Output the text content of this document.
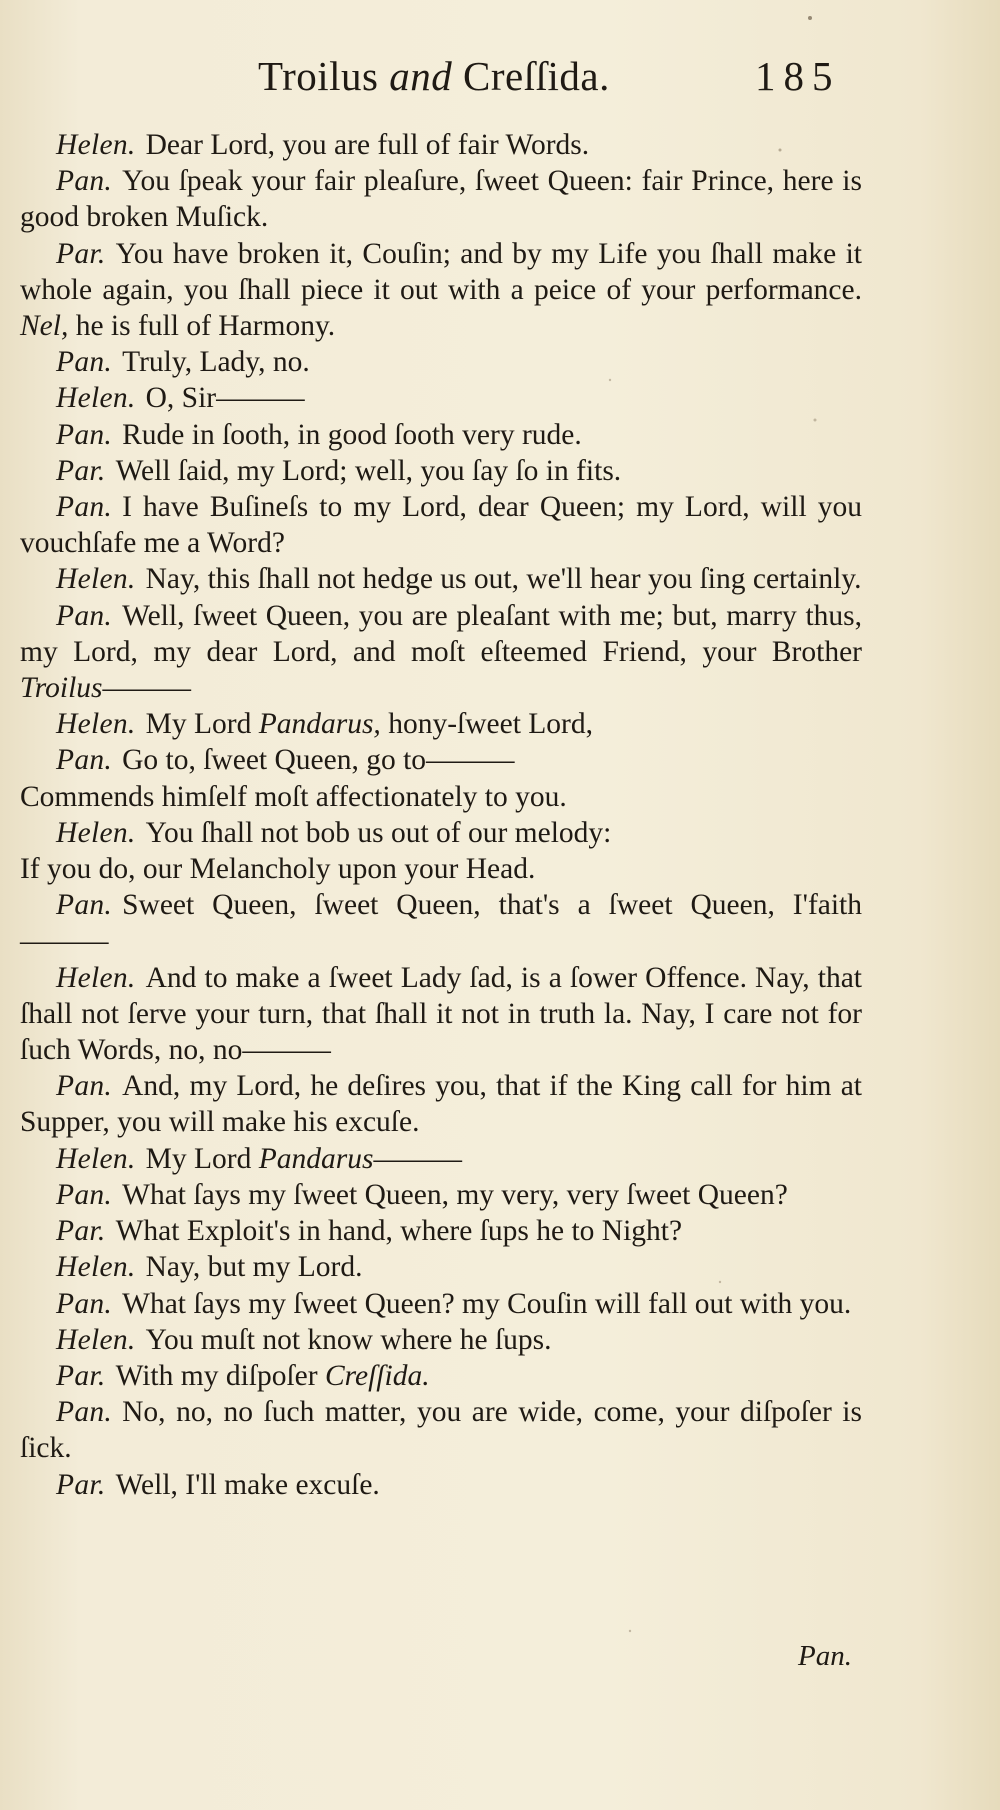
Troilus and Creſſida.	185

Helen. Dear Lord, you are full of fair Words.

Pan. You ſpeak your fair pleaſure, ſweet Queen: fair Prince, here is good broken Muſick.

Par. You have broken it, Couſin; and by my Life you ſhall make it whole again, you ſhall piece it out with a peice of your performance. Nel, he is full of Harmony.

Pan. Truly, Lady, no.

Helen. O, Sir———

Pan. Rude in ſooth, in good ſooth very rude.

Par. Well ſaid, my Lord; well, you ſay ſo in fits.

Pan. I have Buſineſs to my Lord, dear Queen; my Lord, will you vouchſafe me a Word?

Helen. Nay, this ſhall not hedge us out, we'll hear you ſing certainly.

Pan. Well, ſweet Queen, you are pleaſant with me; but, marry thus, my Lord, my dear Lord, and moſt eſteemed Friend, your Brother Troilus———

Helen. My Lord Pandarus, hony-ſweet Lord,

Pan. Go to, ſweet Queen, go to———

Commends himſelf moſt affectionately to you.

Helen. You ſhall not bob us out of our melody:

If you do, our Melancholy upon your Head.

Pan. Sweet Queen, ſweet Queen, that's a ſweet Queen, I'faith———

Helen. And to make a ſweet Lady ſad, is a ſower Offence. Nay, that ſhall not ſerve your turn, that ſhall it not in truth la. Nay, I care not for ſuch Words, no, no———

Pan. And, my Lord, he deſires you, that if the King call for him at Supper, you will make his excuſe.

Helen. My Lord Pandarus———

Pan. What ſays my ſweet Queen, my very, very ſweet Queen?

Par. What Exploit's in hand, where ſups he to Night?

Helen. Nay, but my Lord.

Pan. What ſays my ſweet Queen? my Couſin will fall out with you.

Helen. You muſt not know where he ſups.

Par. With my diſpoſer Creſſida.

Pan. No, no, no ſuch matter, you are wide, come, your diſpoſer is ſick.

Par. Well, I'll make excuſe.

Pan.
